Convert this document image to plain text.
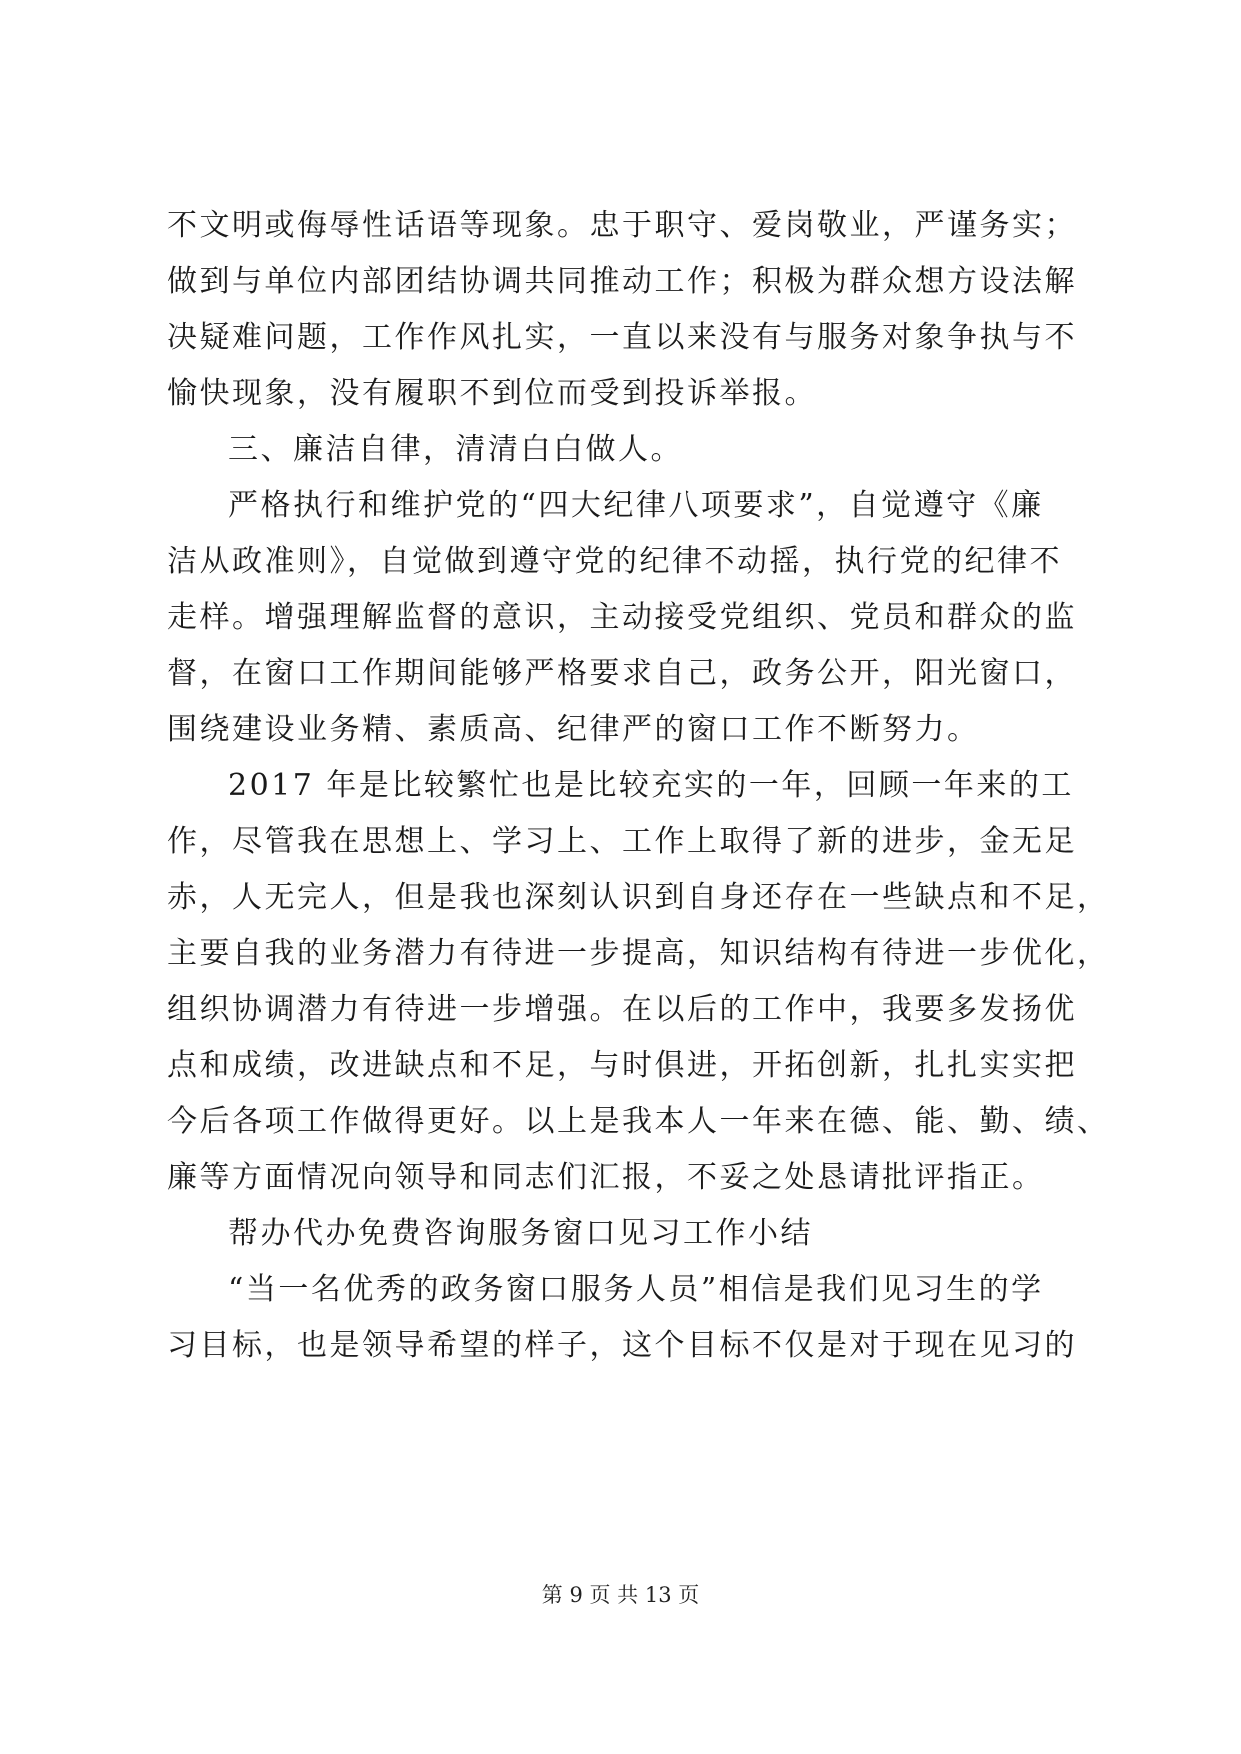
不文明或侮辱性话语等现象。忠于职守、爱岗敬业，严谨务实；
做到与单位内部团结协调共同推动工作；积极为群众想方设法解
决疑难问题，工作作风扎实，一直以来没有与服务对象争执与不
愉快现象，没有履职不到位而受到投诉举报。
三、廉洁自律，清清白白做人。
严格执行和维护党的“四大纪律八项要求”，自觉遵守《廉
洁从政准则》，自觉做到遵守党的纪律不动摇，执行党的纪律不
走样。增强理解监督的意识，主动接受党组织、党员和群众的监
督，在窗口工作期间能够严格要求自己，政务公开，阳光窗口，
围绕建设业务精、素质高、纪律严的窗口工作不断努力。
2017 年是比较繁忙也是比较充实的一年，回顾一年来的工
作，尽管我在思想上、学习上、工作上取得了新的进步，金无足
赤，人无完人，但是我也深刻认识到自身还存在一些缺点和不足，
主要自我的业务潜力有待进一步提高，知识结构有待进一步优化，
组织协调潜力有待进一步增强。在以后的工作中，我要多发扬优
点和成绩，改进缺点和不足，与时俱进，开拓创新，扎扎实实把
今后各项工作做得更好。以上是我本人一年来在德、能、勤、绩、
廉等方面情况向领导和同志们汇报，不妥之处恳请批评指正。
帮办代办免费咨询服务窗口见习工作小结
“当一名优秀的政务窗口服务人员”相信是我们见习生的学
习目标，也是领导希望的样子，这个目标不仅是对于现在见习的
第 9 页 共 13 页
